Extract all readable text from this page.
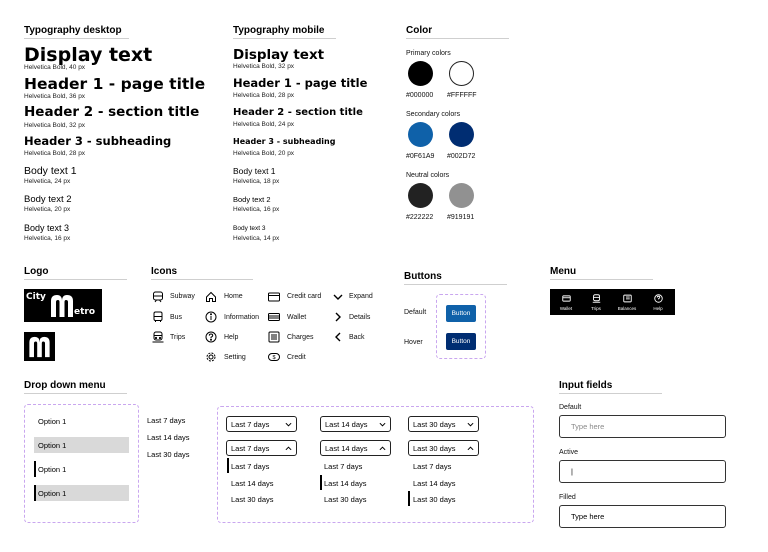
Typography desktop
Display text
Helvetica Bold, 40 px
Header 1 - page title
Helvetica Bold, 36 px
Header 2 - section title
Helvetica Bold, 32 px
Header 3 - subheading
Helvetica Bold, 28 px
Body text 1
Helvetica, 24 px
Body text 2
Helvetica, 20 px
Body text 3
Helvetica, 16 px
Typography mobile
Display text
Helvetica Bold, 32 px
Header 1 - page title
Helvetica Bold, 28 px
Header 2 - section title
Helvetica Bold, 24 px
Header 3 - subheading
Helvetica Bold, 20 px
Body text 1
Helvetica, 18 px
Body text 2
Helvetica, 16 px
Body text 3
Helvetica, 14 px
Color
Primary colors
#000000 #FFFFFF
Secondary colors
#0F61A9 #002D72
Neutral colors
#222222 #919191
Logo
City
etro
Icons
Subway
Bus
Trips
Home
Information
Help
Setting
Credit card
Wallet
Charges
$ Credit
Expand
Details
Back
Buttons
Default
Hover
Button
Button
Menu
Wallet	Trips	Balances	Help
Drop down menu
Option 1
Option 1
Option 1
Option 1
Last 7 days
Last 14 days
Last 30 days
Last 7 days
Last 7 days
Last 7 days
Last 14 days
Last 30 days
Last 14 days
Last 14 days
Last 7 days
Last 14 days
Last 30 days
Last 30 days
Last 30 days
Last 7 days
Last 14 days
Last 30 days
Input fields
Default
Type here
Active
|
Filled
Type here
